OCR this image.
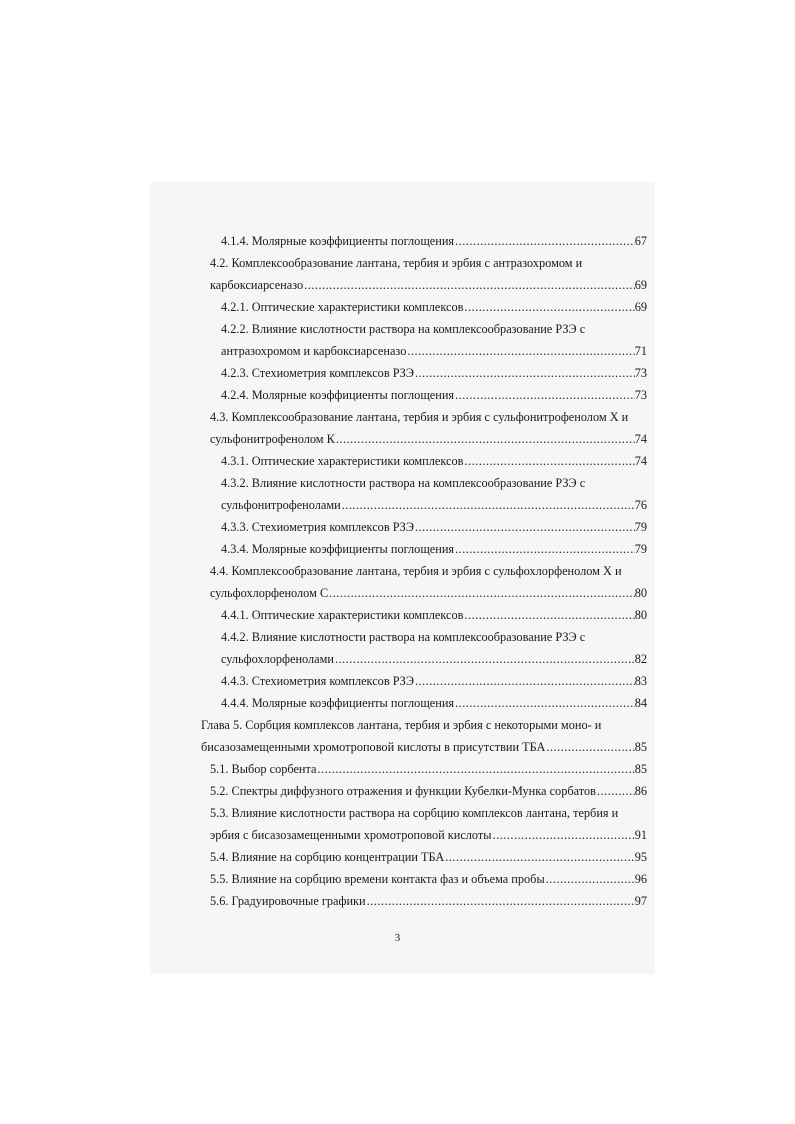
4.1.4. Молярные коэффициенты поглощения .....	67
4.2. Комплексообразование лантана, тербия и эрбия с антразохромом и
карбоксиарсеназо .....	69
4.2.1. Оптические характеристики комплексов .....	69
4.2.2. Влияние кислотности раствора на комплексообразование РЗЭ с
антразохромом и карбоксиарсеназо .....	71
4.2.3. Стехиометрия комплексов РЗЭ .....	73
4.2.4. Молярные коэффициенты поглощения .....	73
4.3. Комплексообразование лантана, тербия и эрбия с сульфонитрофенолом Х и
сульфонитрофенолом К .....	74
4.3.1. Оптические характеристики комплексов .....	74
4.3.2. Влияние кислотности раствора на комплексообразование РЗЭ с
сульфонитрофенолами .....	76
4.3.3. Стехиометрия комплексов РЗЭ .....	79
4.3.4. Молярные коэффициенты поглощения .....	79
4.4. Комплексообразование лантана, тербия и эрбия с сульфохлорфенолом Х и
сульфохлорфенолом С .....	80
4.4.1. Оптические характеристики комплексов .....	80
4.4.2. Влияние кислотности раствора на комплексообразование РЗЭ с
сульфохлорфенолами .....	82
4.4.3. Стехиометрия комплексов РЗЭ .....	83
4.4.4. Молярные коэффициенты поглощения .....	84
Глава 5. Сорбция комплексов лантана, тербия и эрбия с некоторыми моно- и
бисазозамещенными хромотроповой кислоты в присутствии ТБА .....	85
5.1. Выбор сорбента .....	85
5.2. Спектры диффузного отражения и функции Кубелки-Мунка сорбатов .....	86
5.3. Влияние кислотности раствора на сорбцию комплексов лантана, тербия и
эрбия с бисазозамещенными хромотроповой кислоты .....	91
5.4. Влияние на сорбцию концентрации ТБА .....	95
5.5. Влияние на сорбцию времени контакта фаз и объема пробы .....	96
5.6. Градуировочные графики .....	97
3
